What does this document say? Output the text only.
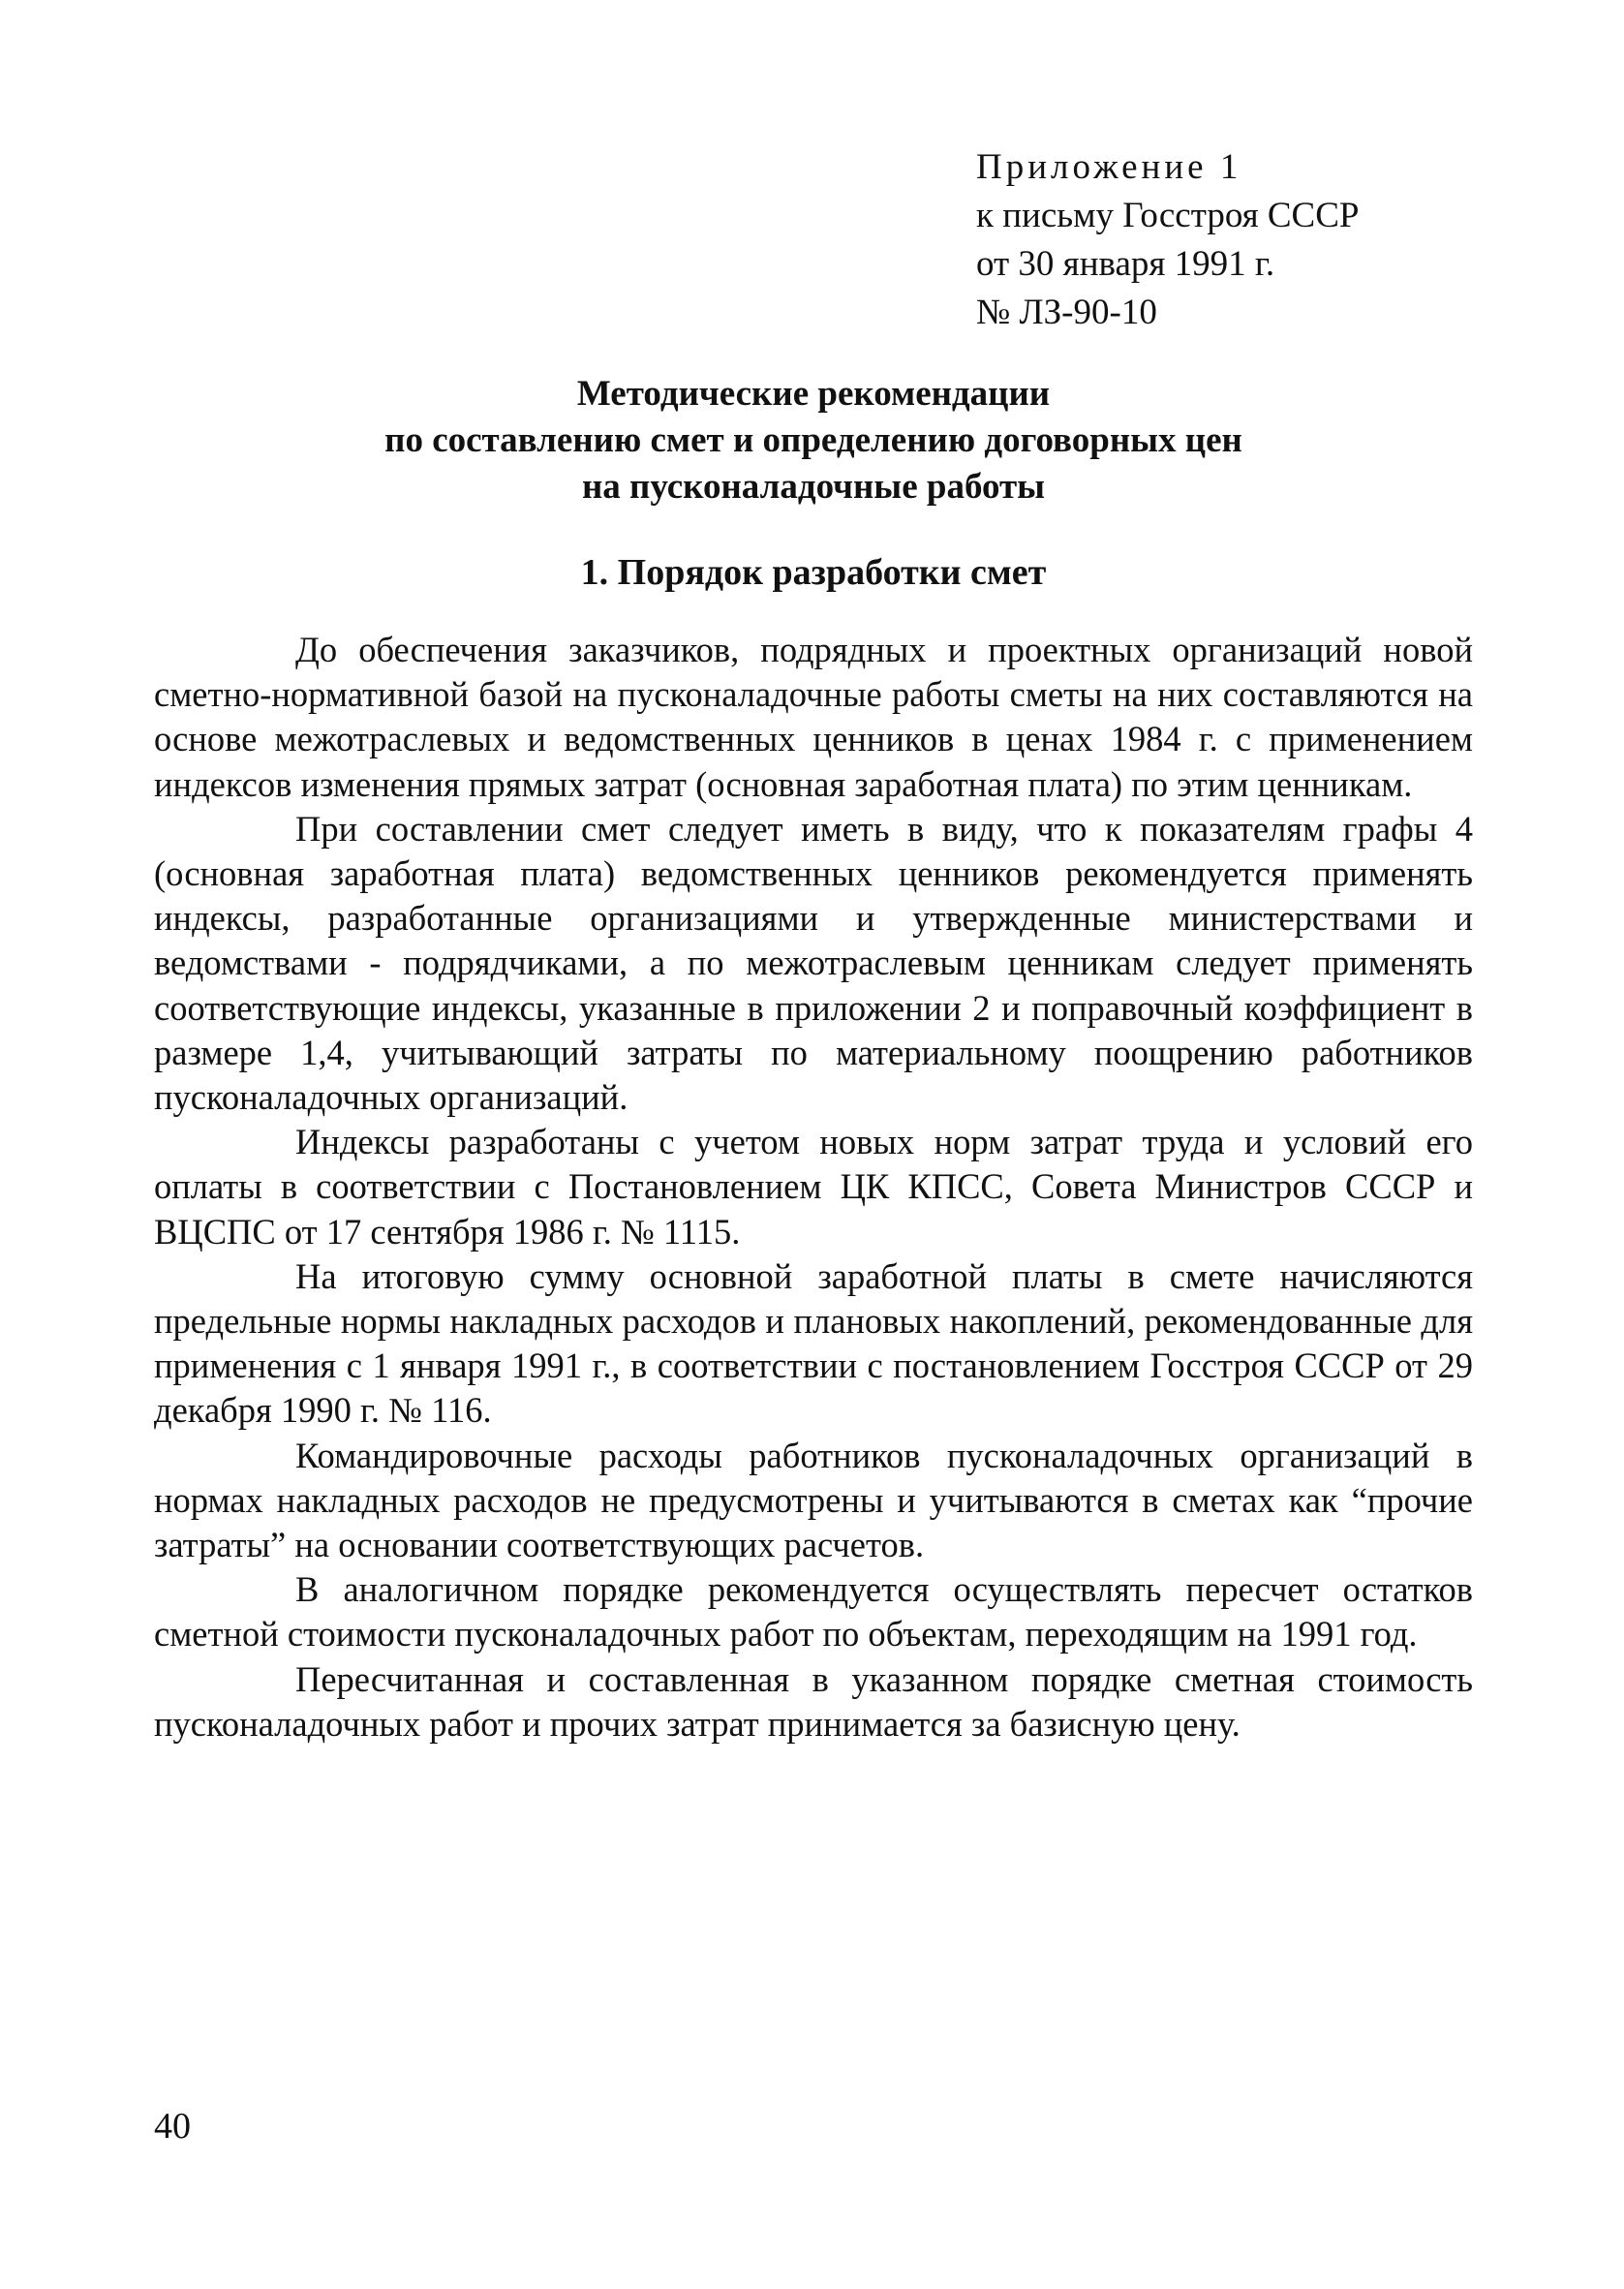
Приложение 1
к письму Госстроя СССР
от 30 января 1991 г.
№ ЛЗ-90-10
Методические рекомендации
по составлению смет и определению договорных цен
на пусконаладочные работы
1. Порядок разработки смет

До обеспечения заказчиков, подрядных и проектных организаций новой сметно-нормативной базой на пусконаладочные работы сметы на них составляются на основе межотраслевых и ведомственных ценников в ценах 1984 г. с применением индексов изменения прямых затрат (основная заработная плата) по этим ценникам.

При составлении смет следует иметь в виду, что к показателям графы 4 (основная заработная плата) ведомственных ценников рекомендуется применять индексы, разработанные организациями и утвержденные министерствами и ведомствами - подрядчиками, а по межотраслевым ценникам следует применять соответствующие индексы, указанные в приложении 2 и поправочный коэффициент в размере 1,4, учитывающий затраты по материальному поощрению работников пусконаладочных организаций.

Индексы разработаны с учетом новых норм затрат труда и условий его оплаты в соответствии с Постановлением ЦК КПСС, Совета Министров СССР и ВЦСПС от 17 сентября 1986 г. № 1115.

На итоговую сумму основной заработной платы в смете начисляются предельные нормы накладных расходов и плановых накоплений, рекомендованные для применения с 1 января 1991 г., в соответствии с постановлением Госстроя СССР от 29 декабря 1990 г. № 116.

Командировочные расходы работников пусконаладочных организаций в нормах накладных расходов не предусмотрены и учитываются в сметах как “прочие затраты” на основании соответствующих расчетов.

В аналогичном порядке рекомендуется осуществлять пересчет остатков сметной стоимости пусконаладочных работ по объектам, переходящим на 1991 год.

Пересчитанная и составленная в указанном порядке сметная стоимость пусконаладочных работ и прочих затрат принимается за базисную цену.

40
